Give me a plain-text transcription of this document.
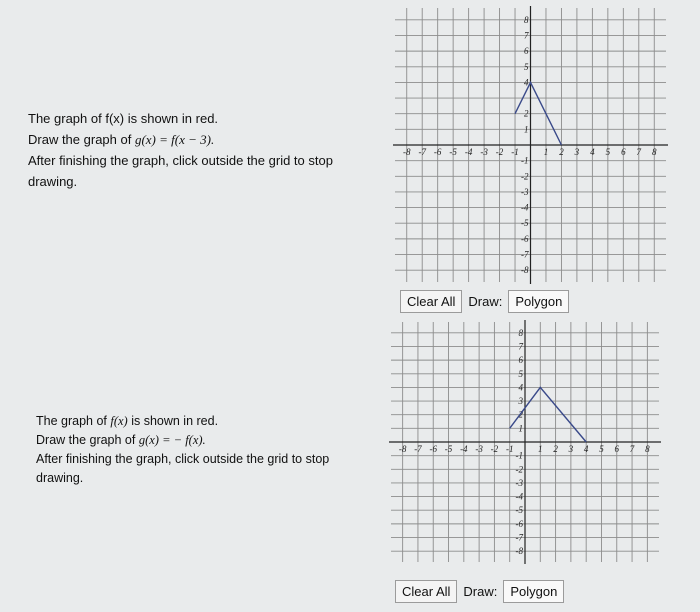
The graph of f(x) is shown in red.
Draw the graph of g(x) = f(x − 3).
After finishing the graph, click outside the grid to stop
drawing.
-8 -7 -6 -5 -4 -3 -2 -1	1 2 3 4 5 6 7 8
8
7
6
5
4
2
1
-1
-2
-3
-4
-5
-6
-7
-8
Clear All	Draw:	Polygon
The graph of f(x) is shown in red.
Draw the graph of g(x) = − f(x).
After finishing the graph, click outside the grid to stop
drawing.
-8 -7 -6 -5 -4 -3 -2 -1	1 2 3 4 5 6 7 8
8
7
6
5
4
3
2
1
-1
-2
-3
-4
-5
-6
-7
-8
Clear All	Draw:	Polygon
